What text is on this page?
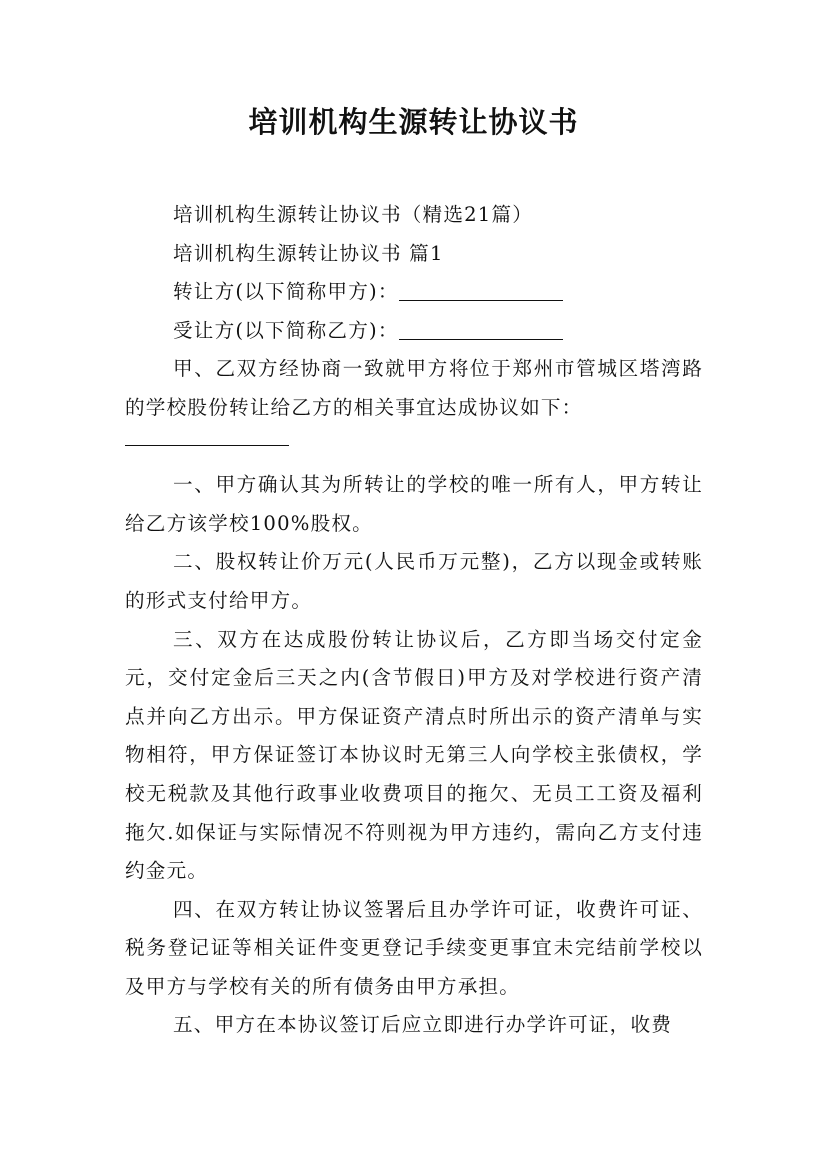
培训机构生源转让协议书

培训机构生源转让协议书（精选21篇）

培训机构生源转让协议书 篇1

转让方(以下简称甲方)：

受让方(以下简称乙方)：

甲、乙双方经协商一致就甲方将位于郑州市管城区塔湾路的学校股份转让给乙方的相关事宜达成协议如下：

一、甲方确认其为所转让的学校的唯一所有人，甲方转让给乙方该学校100%股权。

二、股权转让价万元(人民币万元整)，乙方以现金或转账的形式支付给甲方。

三、双方在达成股份转让协议后，乙方即当场交付定金元，交付定金后三天之内(含节假日)甲方及对学校进行资产清点并向乙方出示。甲方保证资产清点时所出示的资产清单与实物相符，甲方保证签订本协议时无第三人向学校主张债权，学校无税款及其他行政事业收费项目的拖欠、无员工工资及福利拖欠.如保证与实际情况不符则视为甲方违约，需向乙方支付违约金元。

四、在双方转让协议签署后且办学许可证，收费许可证、税务登记证等相关证件变更登记手续变更事宜未完结前学校以及甲方与学校有关的所有债务由甲方承担。

五、甲方在本协议签订后应立即进行办学许可证，收费
